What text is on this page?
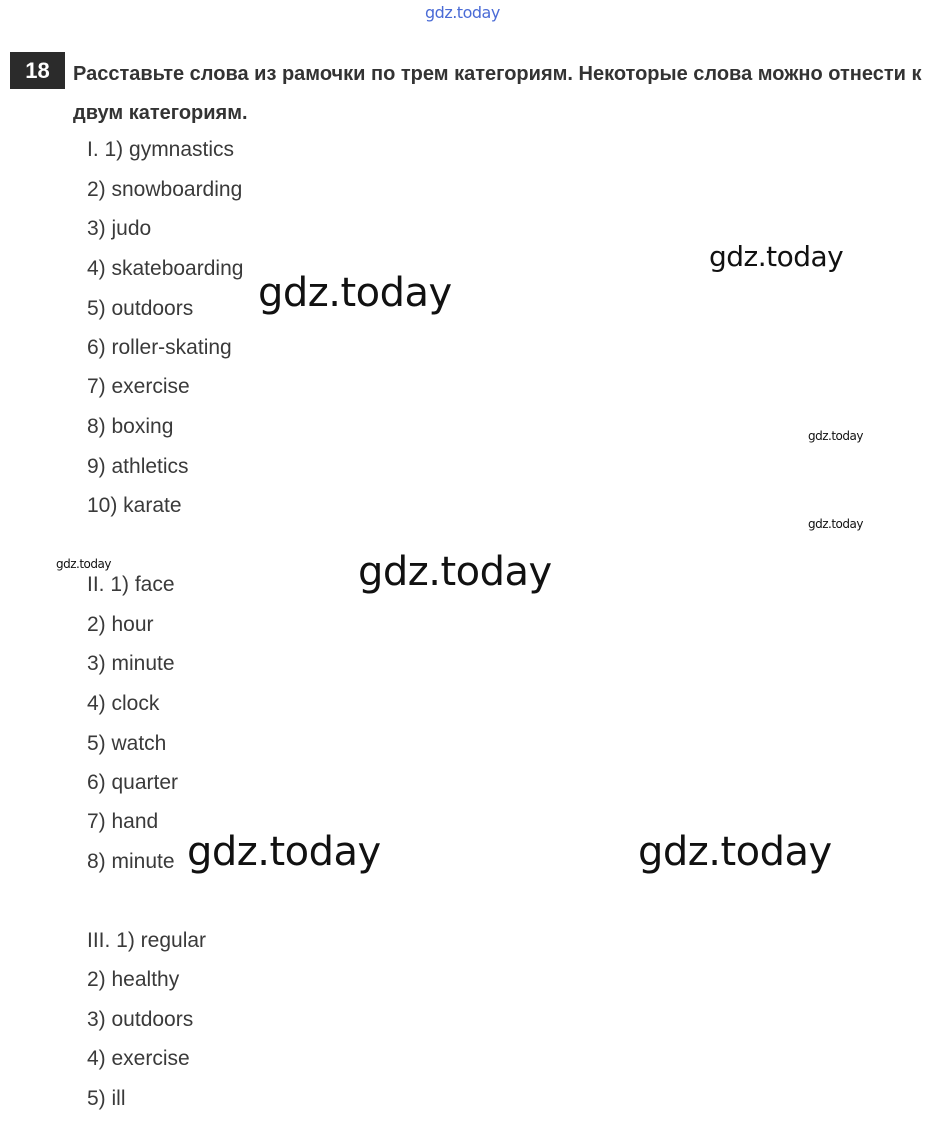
gdz.today
18	Расставьте слова из рамочки по трем категориям. Некоторые слова можно отнести к двум категориям.
I. 1) gymnastics
2) snowboarding
3) judo
4) skateboarding
5) outdoors
6) roller-skating
7) exercise
8) boxing
9) athletics
10) karate
II. 1) face
2) hour
3) minute
4) clock
5) watch
6) quarter
7) hand
8) minute
III. 1) regular
2) healthy
3) outdoors
4) exercise
5) ill
gdz.today
gdz.today
gdz.today
gdz.today
gdz.today	gdz.today
gdz.today	gdz.today
